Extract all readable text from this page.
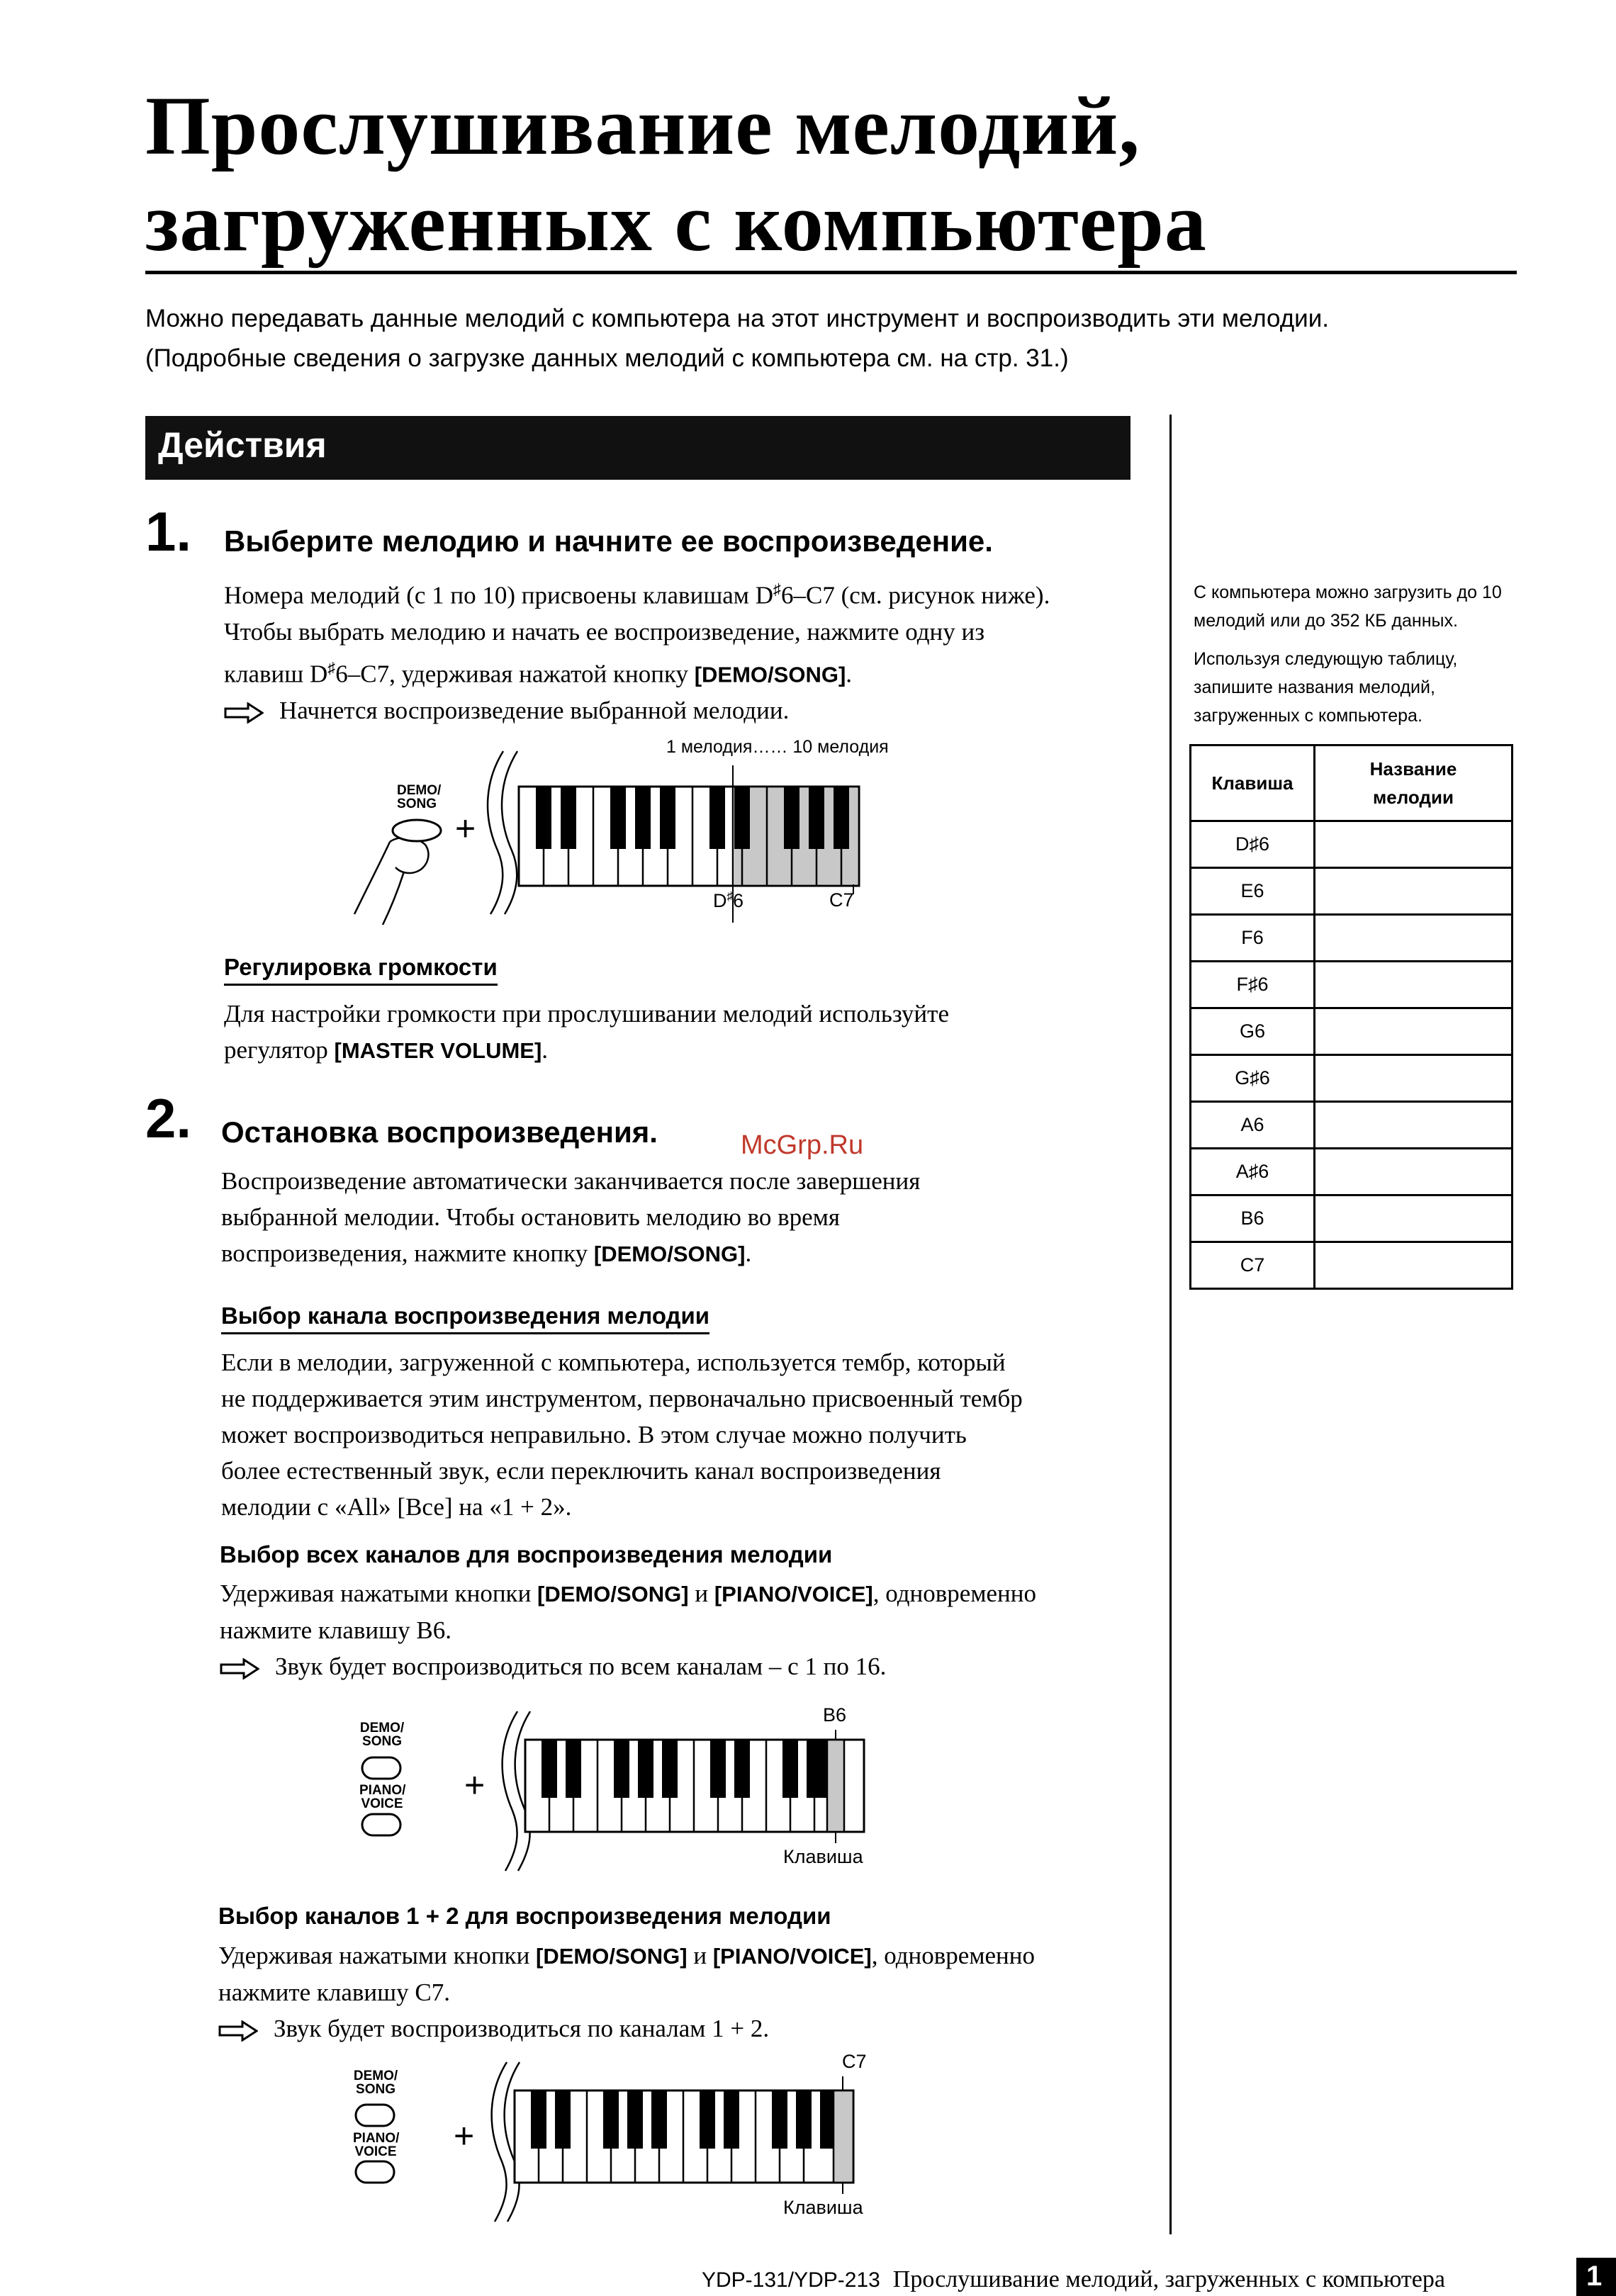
Прослушивание мелодий,
загруженных с компьютера
Можно передавать данные мелодий с компьютера на этот инструмент и воспроизводить эти мелодии.
(Подробные сведения о загрузке данных мелодий с компьютера см. на стр. 31.)
Действия
1. Выберите мелодию и начните ее воспроизведение.
Номера мелодий (с 1 по 10) присвоены клавишам D♯6–C7 (см. рисунок ниже).
Чтобы выбрать мелодию и начать ее воспроизведение, нажмите одну из
клавиш D♯6–C7, удерживая нажатой кнопку [DEMO/SONG].
Начнется воспроизведение выбранной мелодии.
DEMO/
SONG
+
1 мелодия…… 10 мелодия
D♯6	C7
Регулировка громкости
Для настройки громкости при прослушивании мелодий используйте
регулятор [MASTER VOLUME].
2. Остановка воспроизведения.	McGrp.Ru
Воспроизведение автоматически заканчивается после завершения
выбранной мелодии. Чтобы остановить мелодию во время
воспроизведения, нажмите кнопку [DEMO/SONG].
Выбор канала воспроизведения мелодии
Если в мелодии, загруженной с компьютера, используется тембр, который
не поддерживается этим инструментом, первоначально присвоенный тембр
может воспроизводиться неправильно. В этом случае можно получить
более естественный звук, если переключить канал воспроизведения
мелодии с «All» [Все] на «1 + 2».
Выбор всех каналов для воспроизведения мелодии
Удерживая нажатыми кнопки [DEMO/SONG] и [PIANO/VOICE], одновременно
нажмите клавишу B6.
Звук будет воспроизводиться по всем каналам – с 1 по 16.
DEMO/
SONG
PIANO/
VOICE +
B6
Клавиша
Выбор каналов 1 + 2 для воспроизведения мелодии
Удерживая нажатыми кнопки [DEMO/SONG] и [PIANO/VOICE], одновременно
нажмите клавишу C7.
Звук будет воспроизводиться по каналам 1 + 2.
DEMO/
SONG
PIANO/
VOICE +
C7
Клавиша
С компьютера можно загрузить до 10 мелодий или до 352 КБ данных.
Используя следующую таблицу, запишите названия мелодий, загруженных с компьютера.
Клавиша	Название мелодии

D♯6	
E6	
F6	
F♯6	
G6	
G♯6	
A6	
A♯6	
B6	
C7	
YDP-131/YDP-213 Прослушивание мелодий, загруженных с компьютера	1
